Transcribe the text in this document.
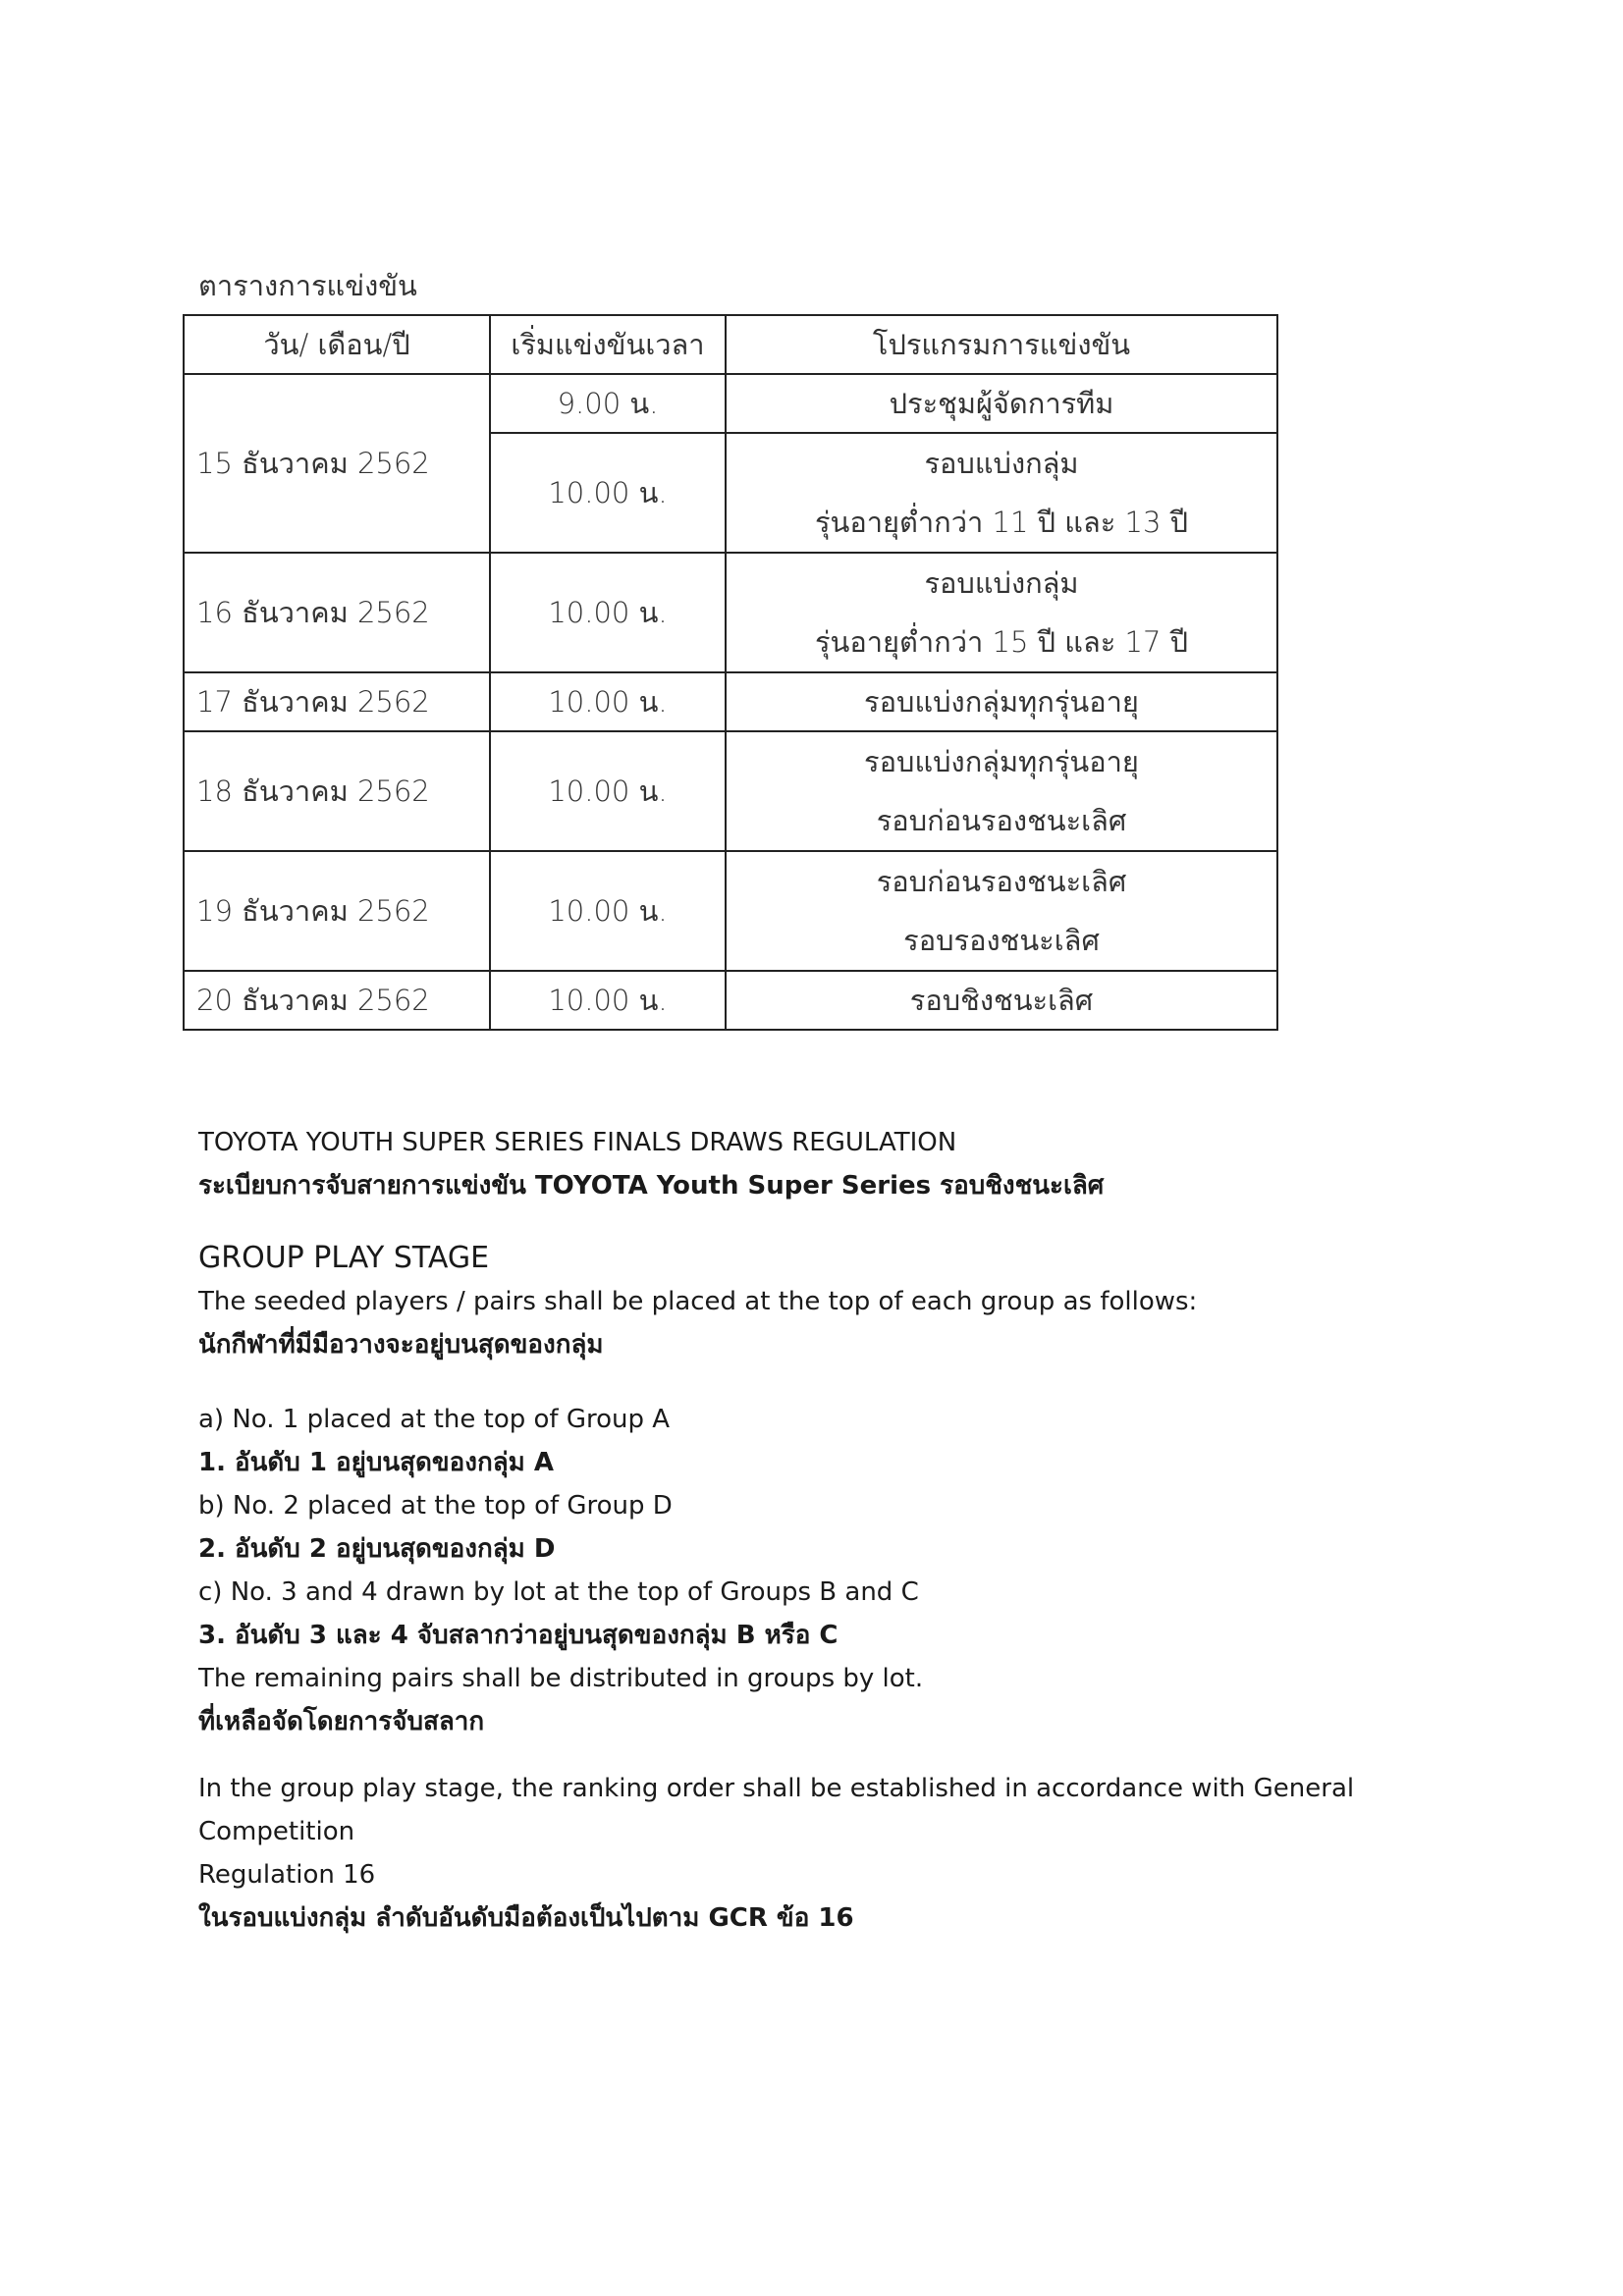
ตารางการแข่งขัน
วัน/ เดือน/ปี	เริ่มแข่งขันเวลา	โปรแกรมการแข่งขัน
15 ธันวาคม 2562	9.00 น.	ประชุมผู้จัดการทีม
	10.00 น.	รอบแบ่งกลุ่ม
รุ่นอายุต่ำกว่า 11 ปี และ 13 ปี

16 ธันวาคม 2562	10.00 น.	รอบแบ่งกลุ่ม
รุ่นอายุต่ำกว่า 15 ปี และ 17 ปี

17 ธันวาคม 2562	10.00 น.	รอบแบ่งกลุ่มทุกรุ่นอายุ
18 ธันวาคม 2562	10.00 น.	รอบแบ่งกลุ่มทุกรุ่นอายุ
รอบก่อนรองชนะเลิศ

19 ธันวาคม 2562	10.00 น.	รอบก่อนรองชนะเลิศ
รอบรองชนะเลิศ

20 ธันวาคม 2562	10.00 น.	รอบชิงชนะเลิศ

TOYOTA YOUTH SUPER SERIES FINALS DRAWS REGULATION

ระเบียบการจับสายการแข่งขัน TOYOTA Youth Super Series รอบชิงชนะเลิศ

GROUP PLAY STAGE

The seeded players / pairs shall be placed at the top of each group as follows:

นักกีฬาที่มีมือวางจะอยู่บนสุดของกลุ่ม

a) No. 1 placed at the top of Group A

1. อันดับ 1 อยู่บนสุดของกลุ่ม A

b) No. 2 placed at the top of Group D

2. อันดับ 2 อยู่บนสุดของกลุ่ม D

c) No. 3 and 4 drawn by lot at the top of Groups B and C

3. อันดับ 3 และ 4 จับสลากว่าอยู่บนสุดของกลุ่ม B หรือ C

The remaining pairs shall be distributed in groups by lot.

ที่เหลือจัดโดยการจับสลาก

In the group play stage, the ranking order shall be established in accordance with General Competition

Regulation 16

ในรอบแบ่งกลุ่ม ลำดับอันดับมือต้องเป็นไปตาม GCR ข้อ 16
